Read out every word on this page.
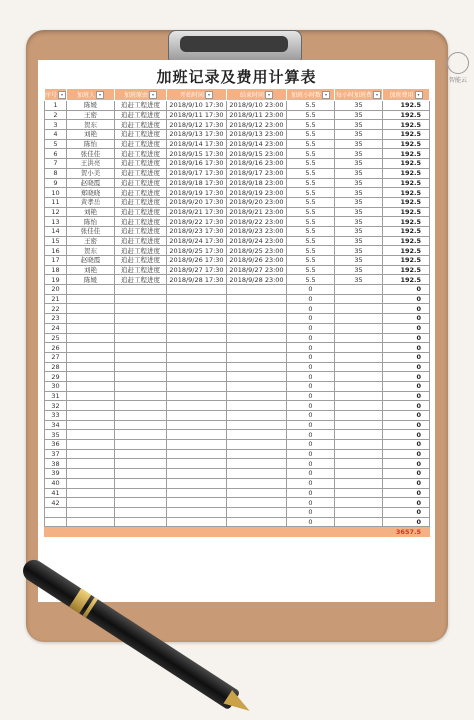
智能云
加班记录及费用计算表
序号 ▾	加班人 ▾	加班原由 ▾	开始时间 ▾	结束时间 ▾	加班小时数 ▾	每小时加班费 ▾	加班费用 ▾
1	陈媛	追赶工程进度	2018/9/10 17:30	2018/9/10 23:00	5.5	35	192.5
2	王密	追赶工程进度	2018/9/11 17:30	2018/9/11 23:00	5.5	35	192.5
3	贺东	追赶工程进度	2018/9/12 17:30	2018/9/12 23:00	5.5	35	192.5
4	刘艳	追赶工程进度	2018/9/13 17:30	2018/9/13 23:00	5.5	35	192.5
5	陈怡	追赶工程进度	2018/9/14 17:30	2018/9/14 23:00	5.5	35	192.5
6	张佳佳	追赶工程进度	2018/9/15 17:30	2018/9/15 23:00	5.5	35	192.5
7	王洪亮	追赶工程进度	2018/9/16 17:30	2018/9/16 23:00	5.5	35	192.5
8	贺小美	追赶工程进度	2018/9/17 17:30	2018/9/17 23:00	5.5	35	192.5
9	赵晓霞	追赶工程进度	2018/9/18 17:30	2018/9/18 23:00	5.5	35	192.5
10	郑晓晓	追赶工程进度	2018/9/19 17:30	2018/9/19 23:00	5.5	35	192.5
11	黄孝岳	追赶工程进度	2018/9/20 17:30	2018/9/20 23:00	5.5	35	192.5
12	刘艳	追赶工程进度	2018/9/21 17:30	2018/9/21 23:00	5.5	35	192.5
13	陈怡	追赶工程进度	2018/9/22 17:30	2018/9/22 23:00	5.5	35	192.5
14	张佳佳	追赶工程进度	2018/9/23 17:30	2018/9/23 23:00	5.5	35	192.5
15	王密	追赶工程进度	2018/9/24 17:30	2018/9/24 23:00	5.5	35	192.5
16	贺东	追赶工程进度	2018/9/25 17:30	2018/9/25 23:00	5.5	35	192.5
17	赵晓霞	追赶工程进度	2018/9/26 17:30	2018/9/26 23:00	5.5	35	192.5
18	刘艳	追赶工程进度	2018/9/27 17:30	2018/9/27 23:00	5.5	35	192.5
19	陈媛	追赶工程进度	2018/9/28 17:30	2018/9/28 23:00	5.5	35	192.5
20					0		0
21					0		0
22					0		0
23					0		0
24					0		0
25					0		0
26					0		0
27					0		0
28					0		0
29					0		0
30					0		0
31					0		0
32					0		0
33					0		0
34					0		0
35					0		0
36					0		0
37					0		0
38					0		0
39					0		0
40					0		0
41					0		0
42					0		0
					0		0
					0		0
							3657.5
